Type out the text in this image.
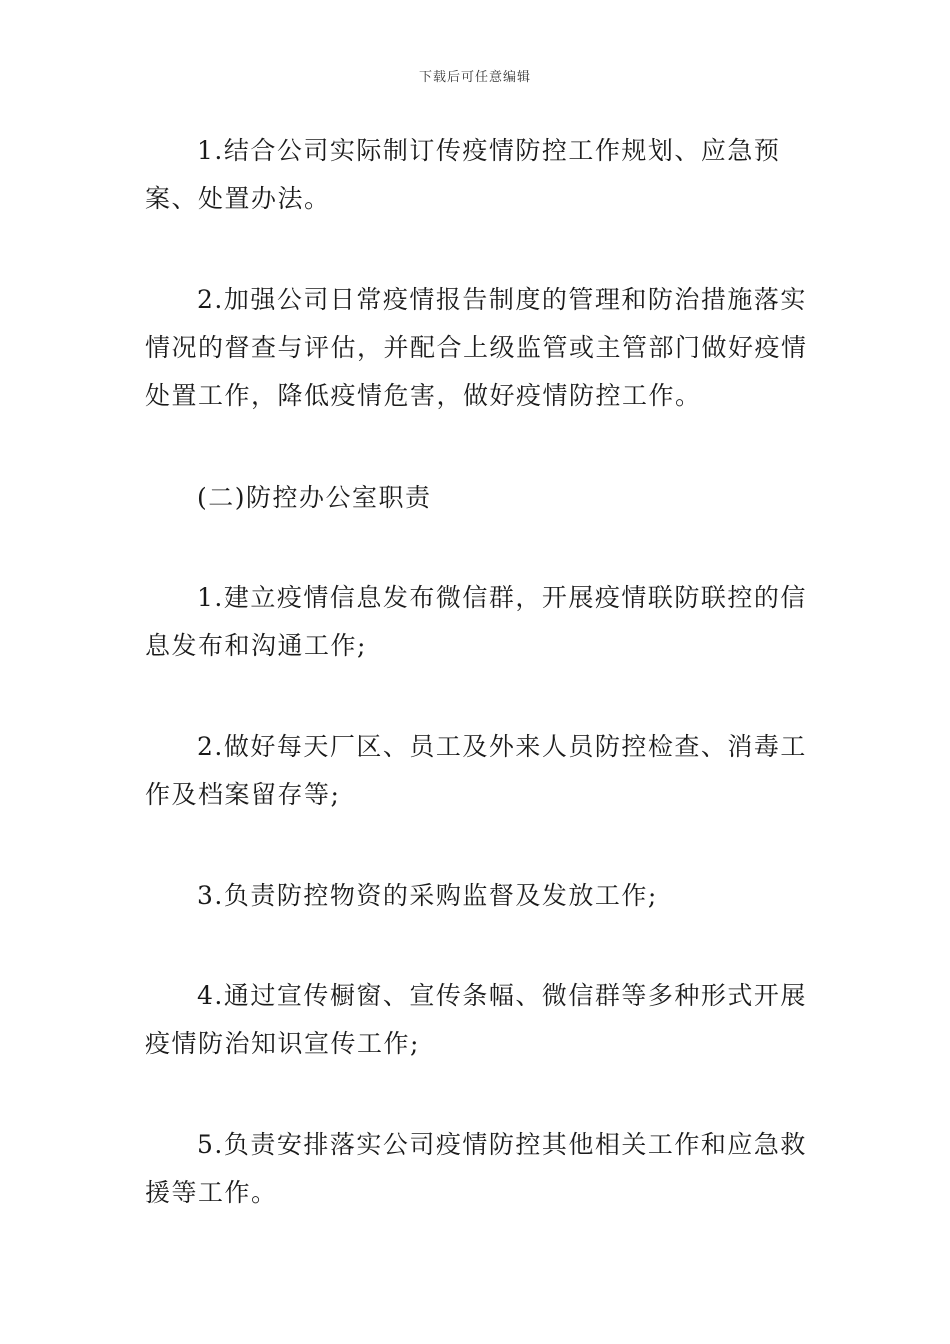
下载后可任意编辑

1.结合公司实际制订传疫情防控工作规划、应急预案、处置办法。

2.加强公司日常疫情报告制度的管理和防治措施落实情况的督查与评估，并配合上级监管或主管部门做好疫情处置工作，降低疫情危害，做好疫情防控工作。

(二)防控办公室职责

1.建立疫情信息发布微信群，开展疫情联防联控的信息发布和沟通工作;

2.做好每天厂区、员工及外来人员防控检查、消毒工作及档案留存等;

3.负责防控物资的采购监督及发放工作;

4.通过宣传橱窗、宣传条幅、微信群等多种形式开展疫情防治知识宣传工作;

5.负责安排落实公司疫情防控其他相关工作和应急救援等工作。
